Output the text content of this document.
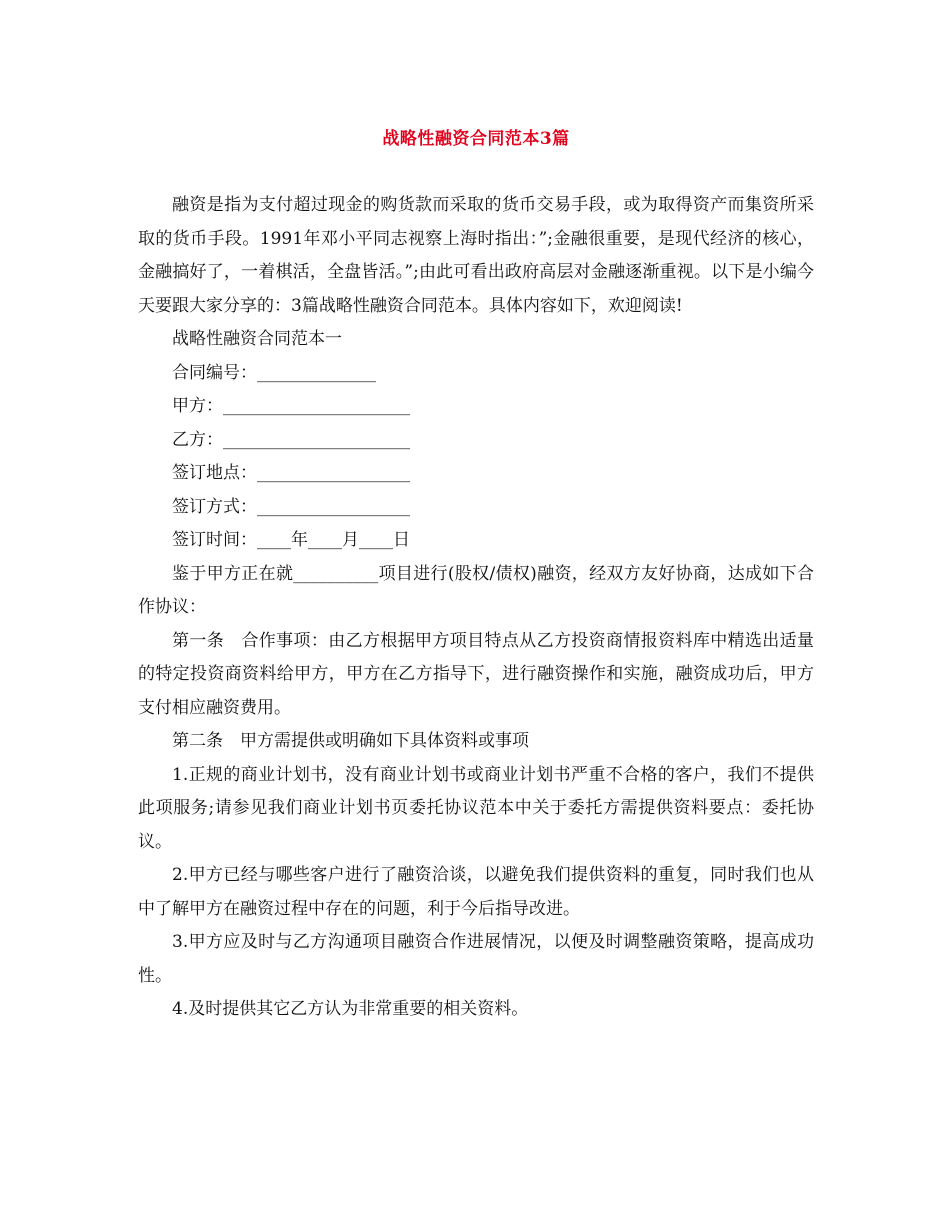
战略性融资合同范本3篇

融资是指为支付超过现金的购货款而采取的货币交易手段，或为取得资产而集资所采取的货币手段。1991年邓小平同志视察上海时指出：”;金融很重要，是现代经济的核心，金融搞好了，一着棋活，全盘皆活。”;由此可看出政府高层对金融逐渐重视。以下是小编今天要跟大家分享的：3篇战略性融资合同范本。具体内容如下，欢迎阅读!

战略性融资合同范本一

合同编号：______________

甲方：______________________

乙方：______________________

签订地点：__________________

签订方式：__________________

签订时间：____年____月____日

鉴于甲方正在就__________项目进行(股权/债权)融资，经双方友好协商，达成如下合作协议：

第一条　合作事项：由乙方根据甲方项目特点从乙方投资商情报资料库中精选出适量的特定投资商资料给甲方，甲方在乙方指导下，进行融资操作和实施，融资成功后，甲方支付相应融资费用。

第二条　甲方需提供或明确如下具体资料或事项

1.正规的商业计划书，没有商业计划书或商业计划书严重不合格的客户，我们不提供此项服务;请参见我们商业计划书页委托协议范本中关于委托方需提供资料要点：委托协议。

2.甲方已经与哪些客户进行了融资洽谈，以避免我们提供资料的重复，同时我们也从中了解甲方在融资过程中存在的问题，利于今后指导改进。

3.甲方应及时与乙方沟通项目融资合作进展情况，以便及时调整融资策略，提高成功性。

4.及时提供其它乙方认为非常重要的相关资料。
